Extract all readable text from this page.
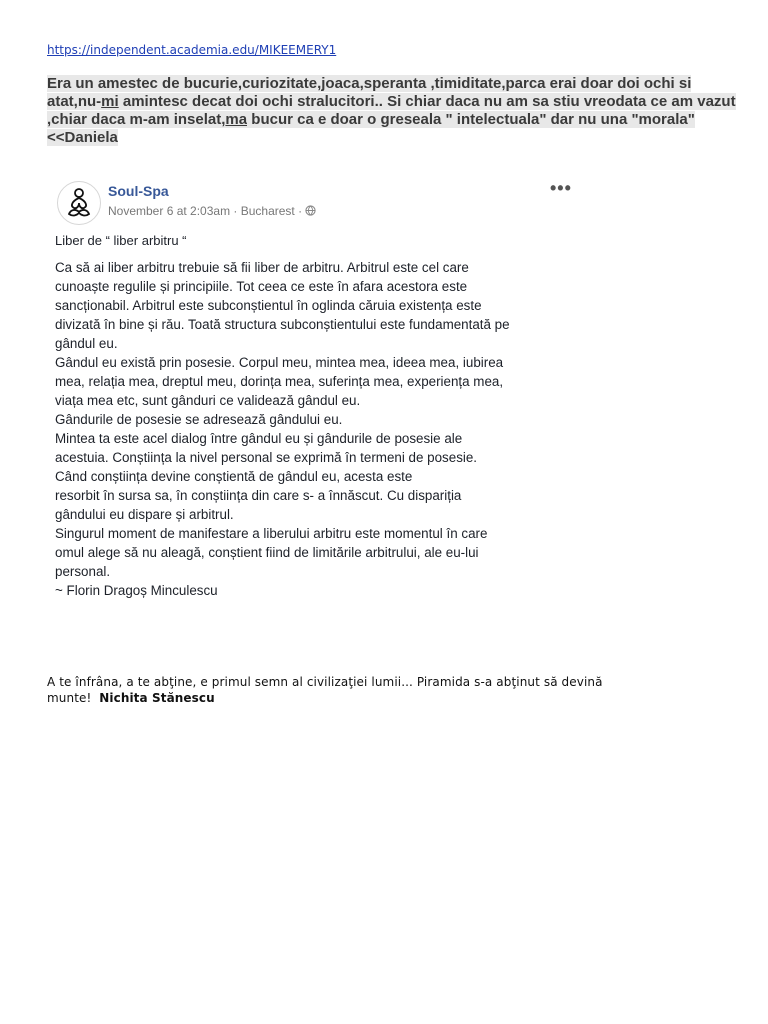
https://independent.academia.edu/MIKEEMERY1
Era un amestec de bucurie,curiozitate,joaca,speranta ,timiditate,parca erai doar doi ochi si atat,nu-mi amintesc decat doi ochi stralucitori.. Si chiar daca nu am sa stiu vreodata ce am vazut ,chiar daca m-am inselat,ma bucur ca e doar o greseala " intelectuala" dar nu una "morala" <<Daniela
Soul-Spa
November 6 at 2:03am · Bucharest ·
•••
Liber de “ liber arbitru “
Ca să ai liber arbitru trebuie să fii liber de arbitru. Arbitrul este cel care
cunoaște regulile și principiile. Tot ceea ce este în afara acestora este
sancționabil. Arbitrul este subconștientul în oglinda căruia existența este
divizată în bine și rău. Toată structura subconștientului este fundamentată pe
gândul eu.
Gândul eu există prin posesie. Corpul meu, mintea mea, ideea mea, iubirea
mea, relația mea, dreptul meu, dorința mea, suferința mea, experiența mea,
viața mea etc, sunt gânduri ce validează gândul eu.
Gândurile de posesie se adresează gândului eu.
Mintea ta este acel dialog între gândul eu și gândurile de posesie ale
acestuia. Conștiința la nivel personal se exprimă în termeni de posesie.
Când conștiința devine conștientă de gândul eu, acesta este
resorbit în sursa sa, în conștiința din care s- a înnăscut. Cu dispariția
gândului eu dispare și arbitrul.
Singurul moment de manifestare a liberului arbitru este momentul în care
omul alege să nu aleagă, conștient fiind de limitările arbitrului, ale eu-lui
personal.
~ Florin Dragoș Minculescu
A te înfrâna, a te abţine, e primul semn al civilizaţiei lumii... Piramida s-a abţinut să devină munte! Nichita Stănescu
